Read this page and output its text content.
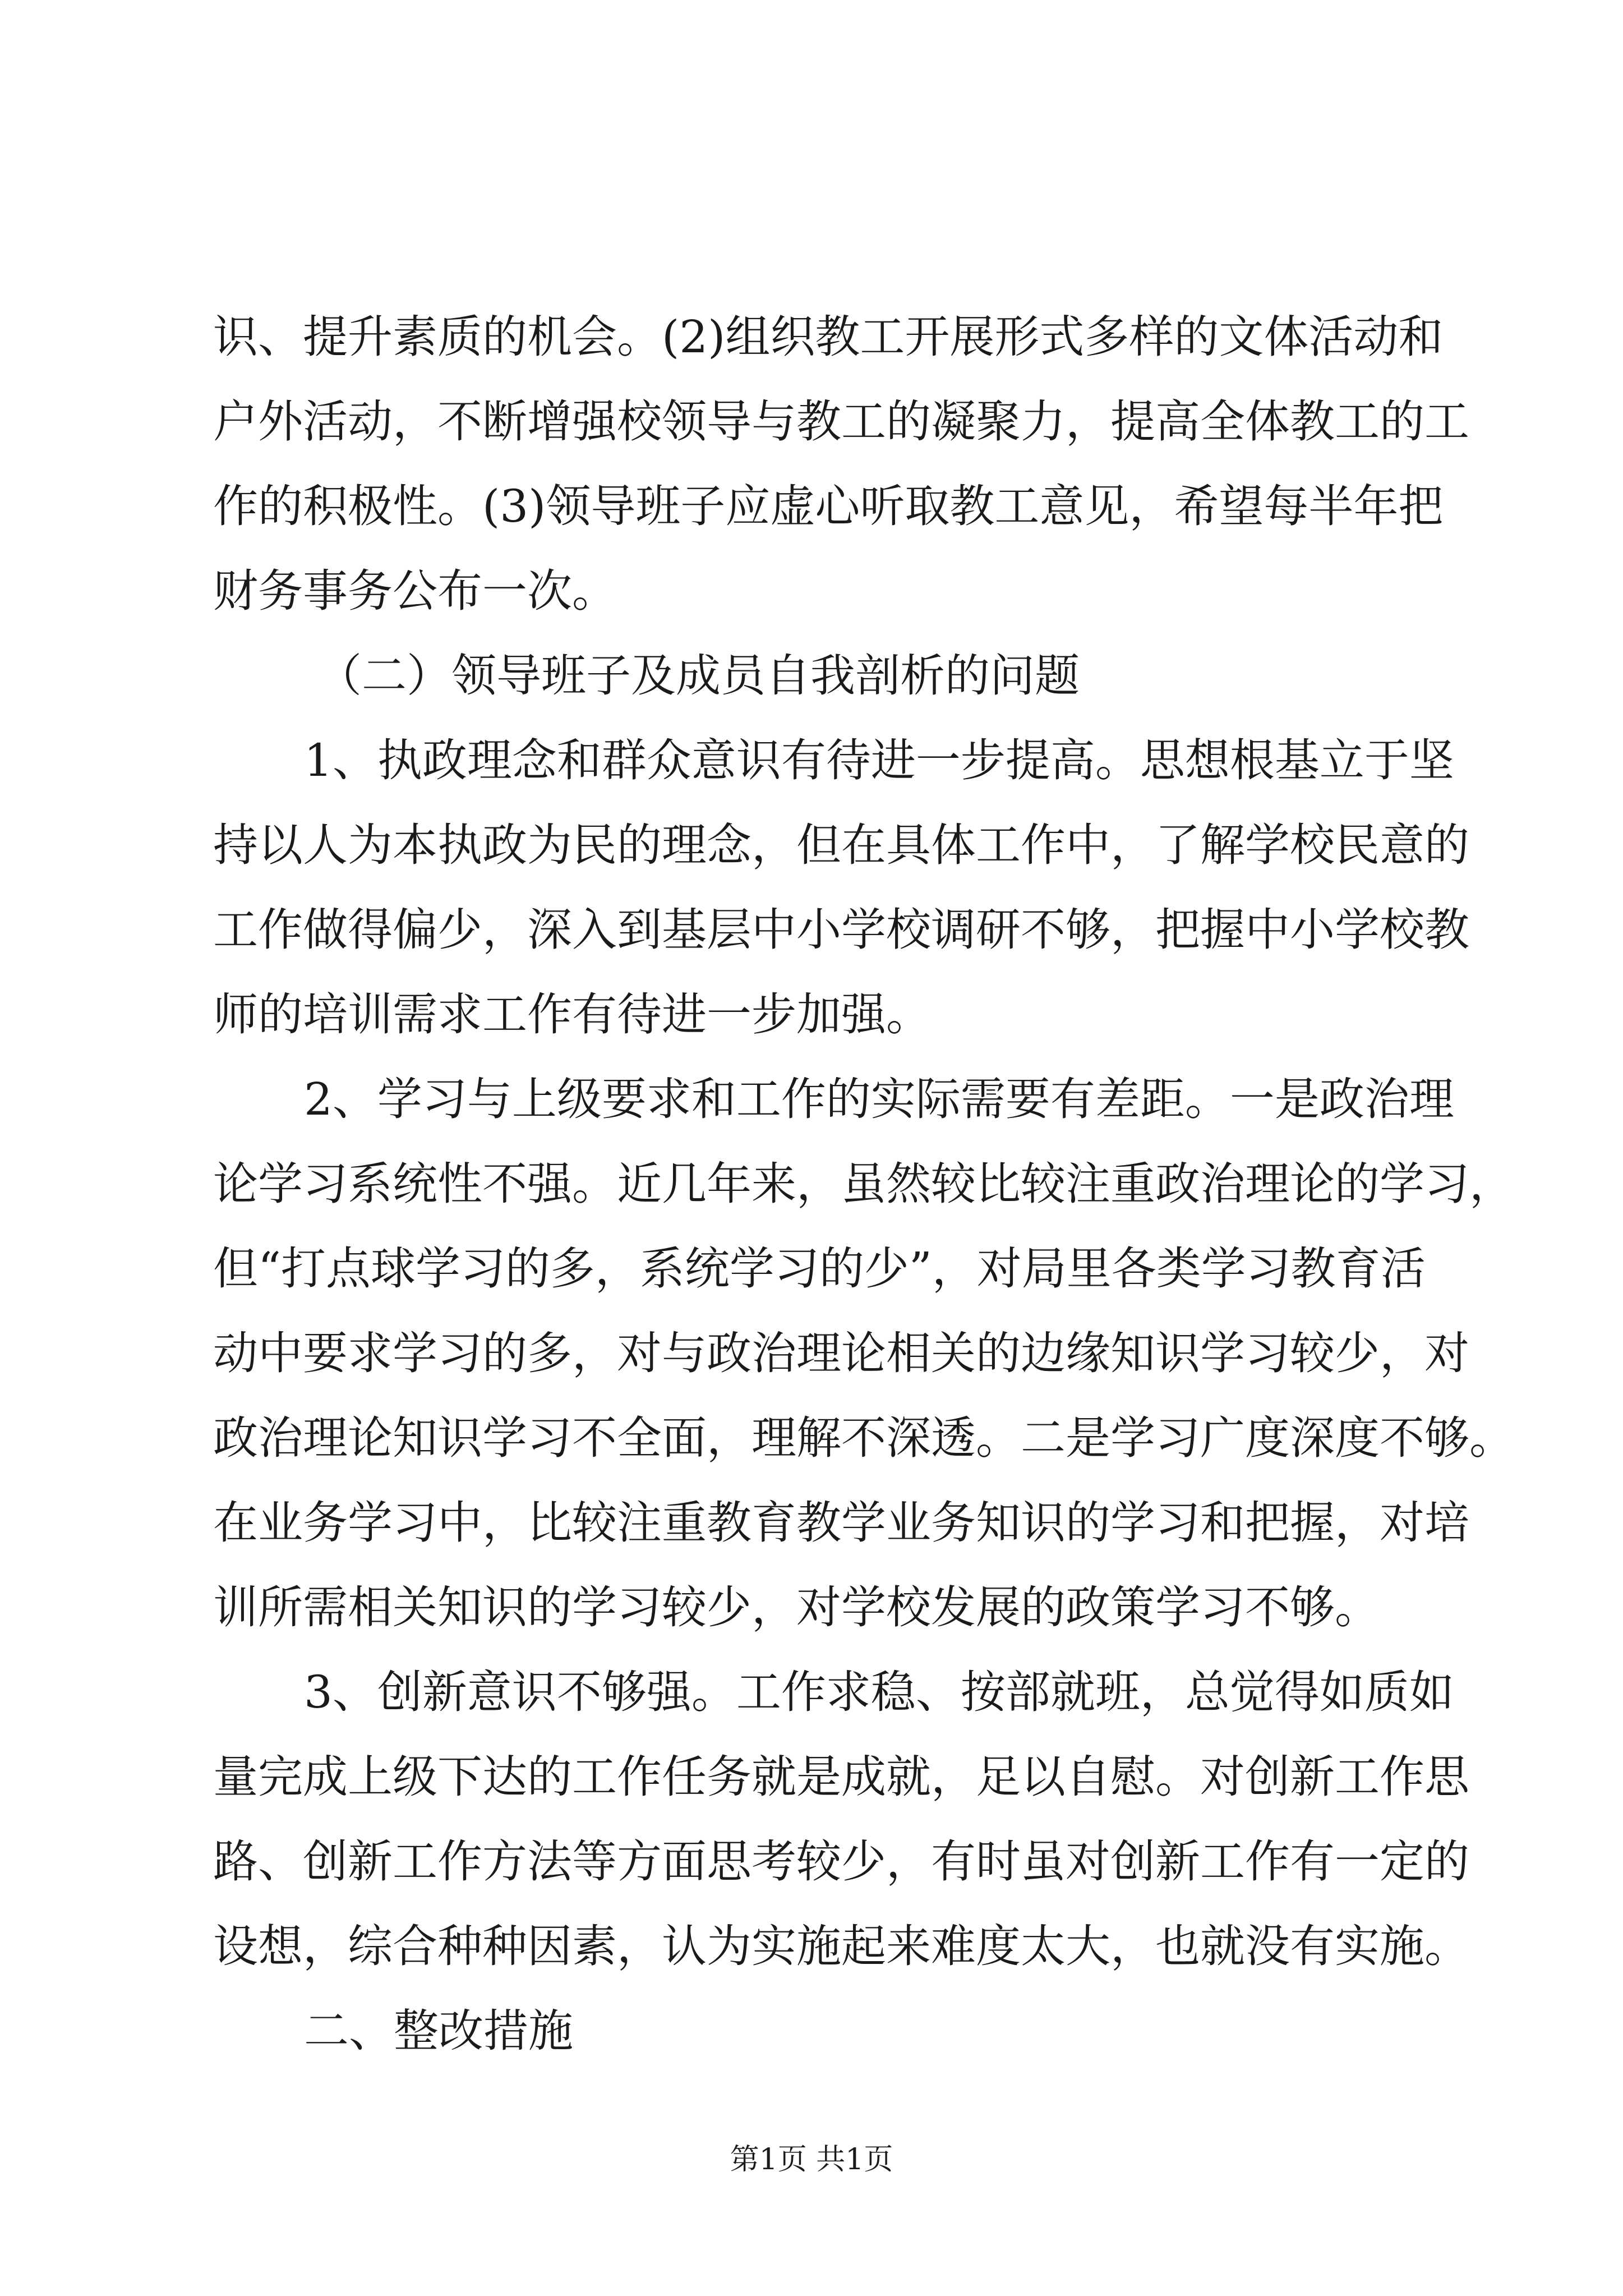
识、提升素质的机会。(2)组织教工开展形式多样的文体活动和
户外活动，不断增强校领导与教工的凝聚力，提高全体教工的工
作的积极性。(3)领导班子应虚心听取教工意见，希望每半年把
财务事务公布一次。
（二）领导班子及成员自我剖析的问题
1、执政理念和群众意识有待进一步提高。思想根基立于坚
持以人为本执政为民的理念，但在具体工作中，了解学校民意的
工作做得偏少，深入到基层中小学校调研不够，把握中小学校教
师的培训需求工作有待进一步加强。
2、学习与上级要求和工作的实际需要有差距。一是政治理
论学习系统性不强。近几年来，虽然较比较注重政治理论的学习，
但“打点球学习的多，系统学习的少”，对局里各类学习教育活
动中要求学习的多，对与政治理论相关的边缘知识学习较少，对
政治理论知识学习不全面，理解不深透。二是学习广度深度不够。
在业务学习中，比较注重教育教学业务知识的学习和把握，对培
训所需相关知识的学习较少，对学校发展的政策学习不够。
3、创新意识不够强。工作求稳、按部就班，总觉得如质如
量完成上级下达的工作任务就是成就，足以自慰。对创新工作思
路、创新工作方法等方面思考较少，有时虽对创新工作有一定的
设想，综合种种因素，认为实施起来难度太大，也就没有实施。
二、整改措施
第1页 共1页
